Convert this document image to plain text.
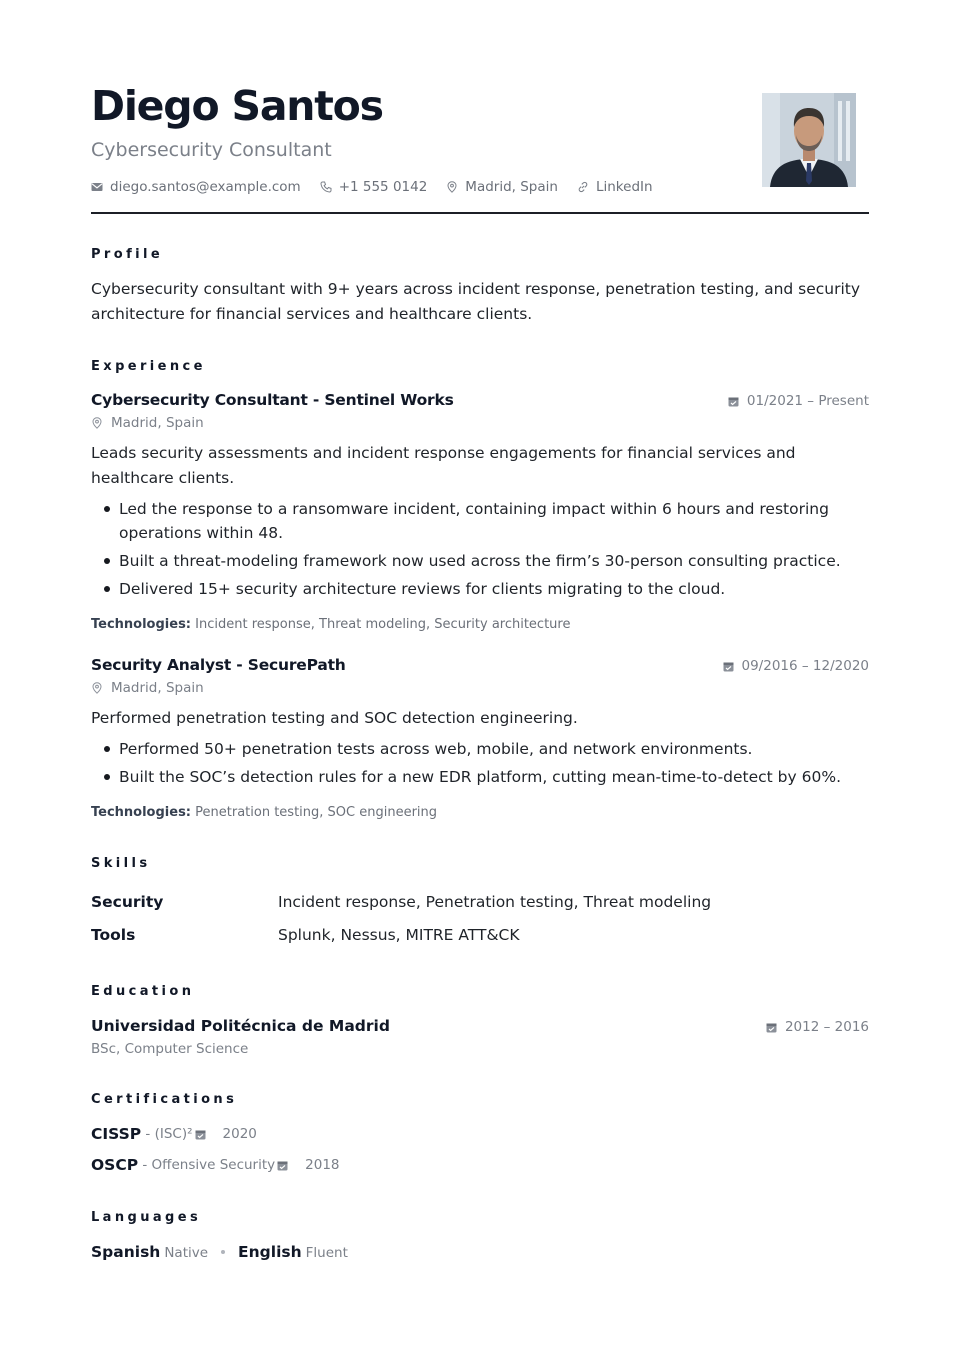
Diego Santos
Cybersecurity Consultant
diego.santos@example.com	+1 555 0142	Madrid, Spain	LinkedIn
Profile
Cybersecurity consultant with 9+ years across incident response, penetration testing, and security architecture for financial services and healthcare clients.
Experience
Cybersecurity Consultant - Sentinel Works	01/2021 – Present
Madrid, Spain
Leads security assessments and incident response engagements for financial services and healthcare clients.
Led the response to a ransomware incident, containing impact within 6 hours and restoring operations within 48.
Built a threat-modeling framework now used across the firm’s 30-person consulting practice.
Delivered 15+ security architecture reviews for clients migrating to the cloud.
Technologies: Incident response, Threat modeling, Security architecture
Security Analyst - SecurePath	09/2016 – 12/2020
Madrid, Spain
Performed penetration testing and SOC detection engineering.
Performed 50+ penetration tests across web, mobile, and network environments.
Built the SOC’s detection rules for a new EDR platform, cutting mean-time-to-detect by 60%.
Technologies: Penetration testing, SOC engineering
Skills
Security	Incident response, Penetration testing, Threat modeling
Tools	Splunk, Nessus, MITRE ATT&CK
Education
Universidad Politécnica de Madrid	2012 – 2016
BSc, Computer Science
Certifications
CISSP - (ISC)² 2020
OSCP - Offensive Security 2018
Languages
Spanish Native English Fluent
